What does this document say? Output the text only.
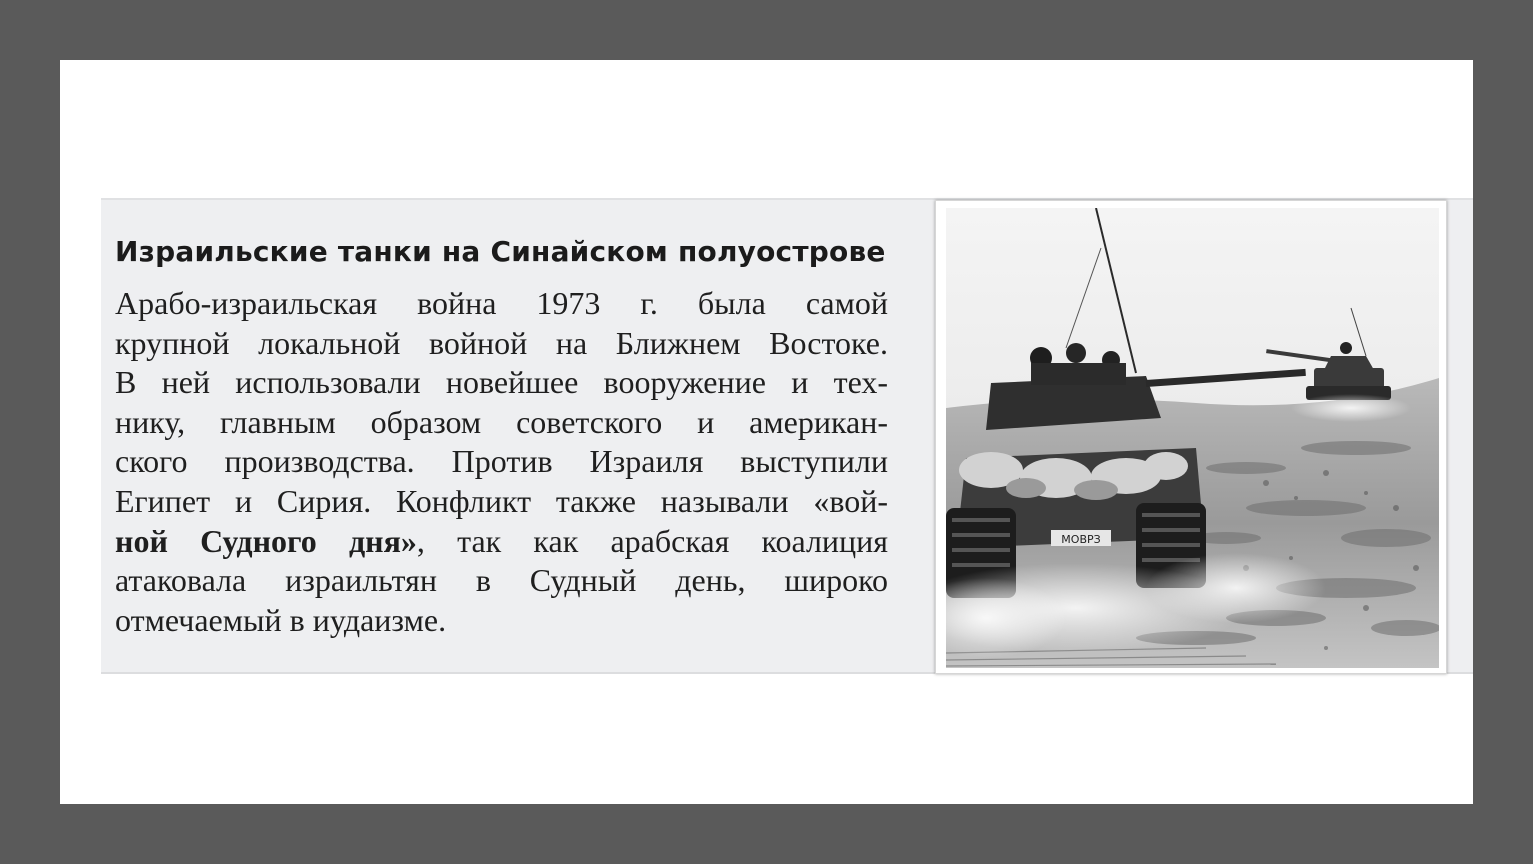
Израильские танки на Синайском полуострове

Арабо-израильская война 1973 г. была самой
крупной локальной войной на Ближнем Востоке.
В ней использовали новейшее вооружение и тех-
нику, главным образом советского и американ-
ского производства. Против Израиля выступили
Египет и Сирия. Конфликт также называли «вой-
ной Судного дня», так как арабская коалиция
атаковала израильтян в Судный день, широко
отмечаемый в иудаизме.

МОВРЗ
